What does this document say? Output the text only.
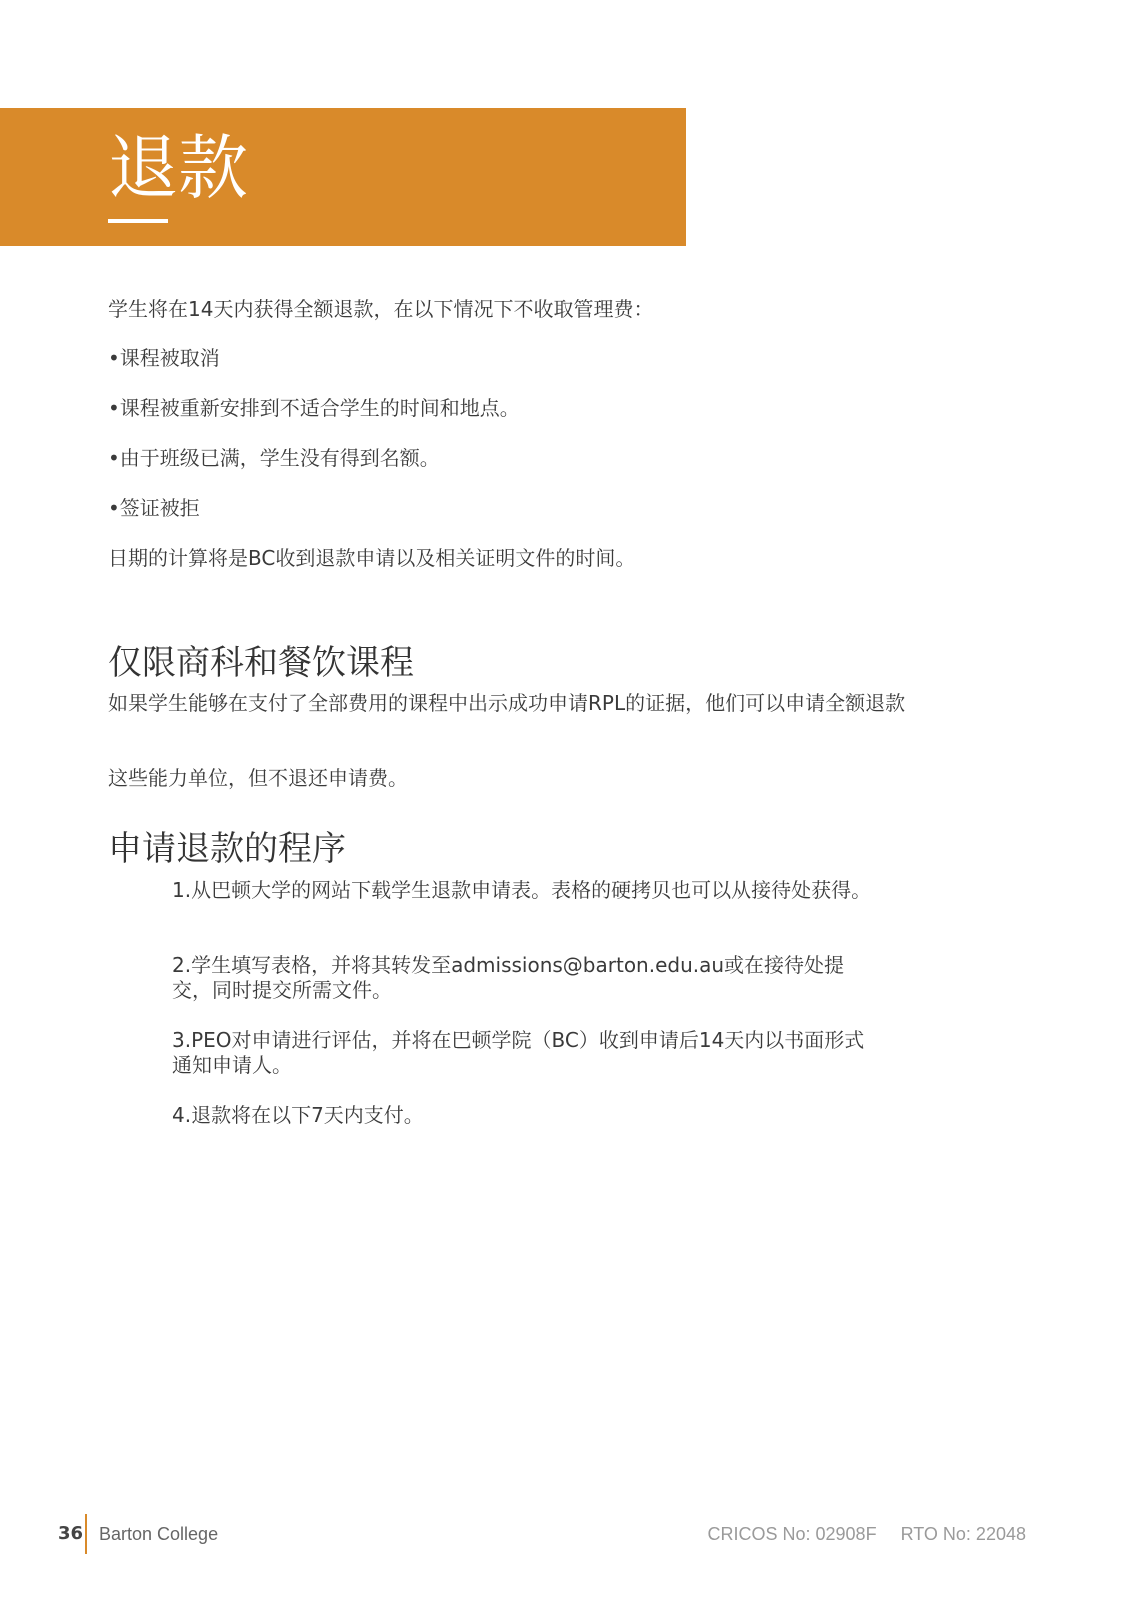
退款

学生将在14天内获得全额退款，在以下情况下不收取管理费：

•课程被取消

•课程被重新安排到不适合学生的时间和地点。

•由于班级已满，学生没有得到名额。

•签证被拒

日期的计算将是BC收到退款申请以及相关证明文件的时间。

仅限商科和餐饮课程

如果学生能够在支付了全部费用的课程中出示成功申请RPL的证据，他们可以申请全额退款

这些能力单位，但不退还申请费。

申请退款的程序

1.从巴顿大学的网站下载学生退款申请表。表格的硬拷贝也可以从接待处获得。

2.学生填写表格，并将其转发至admissions@barton.edu.au或在接待处提交，同时提交所需文件。

3.PEO对申请进行评估，并将在巴顿学院（BC）收到申请后14天内以书面形式通知申请人。

4.退款将在以下7天内支付。

36 Barton College	CRICOS No: 02908F RTO No: 22048
